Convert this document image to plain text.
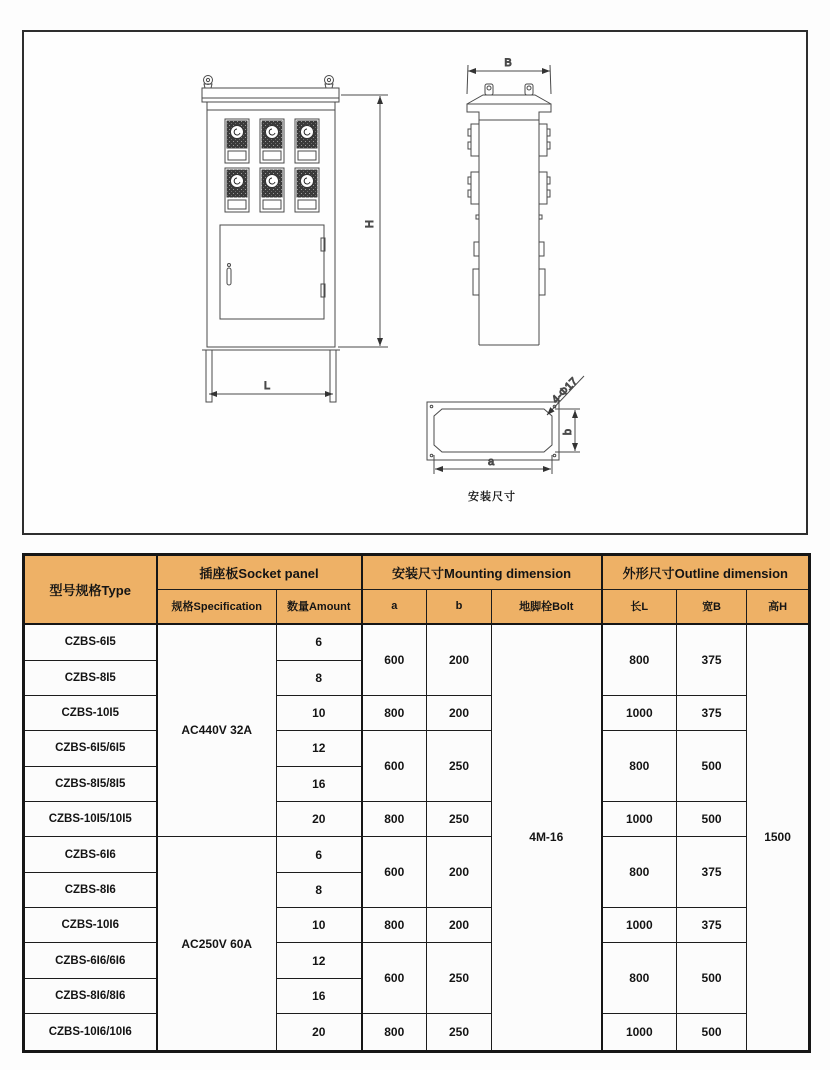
L
H
B
4-Φ17
a
b
安装尺寸
型号规格Type	插座板Socket panel		安装尺寸Mounting dimension			外形尺寸Outline dimension		
	规格Specification	数量Amount	a	b	地脚栓Bolt	长L	宽B	高H
CZBS-6I5	AC440V 32A	6	600	200	4M-16	800	375	1500
CZBS-8I5		8						
CZBS-10I5		10	800	200		1000	375	
CZBS-6I5/6I5		12	600	250		800	500	
CZBS-8I5/8I5		16						
CZBS-10I5/10I5		20	800	250		1000	500	
CZBS-6I6	AC250V 60A	6	600	200		800	375	
CZBS-8I6		8						
CZBS-10I6		10	800	200		1000	375	
CZBS-6I6/6I6		12	600	250		800	500	
CZBS-8I6/8I6		16						
CZBS-10I6/10I6		20	800	250		1000	500	
